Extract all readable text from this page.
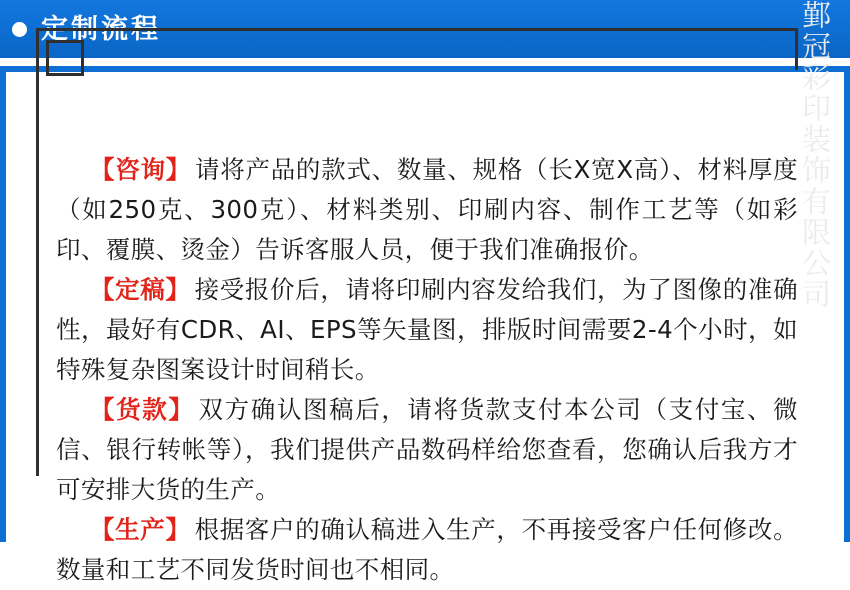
定制流程	鄞冠彩印装饰有限公司

【咨询】 请将产品的款式、数量、规格（长X宽X高）、材料厚度（如250克、300克）、材料类别、印刷内容、制作工艺等（如彩印、覆膜、烫金）告诉客服人员，便于我们准确报价。

【定稿】 接受报价后，请将印刷内容发给我们，为了图像的准确性，最好有CDR、AI、EPS等矢量图，排版时间需要2-4个小时，如特殊复杂图案设计时间稍长。

【货款】 双方确认图稿后，请将货款支付本公司（支付宝、微信、银行转帐等），我们提供产品数码样给您查看，您确认后我方才可安排大货的生产。

【生产】 根据客户的确认稿进入生产，不再接受客户任何修改。数量和工艺不同发货时间也不相同。
